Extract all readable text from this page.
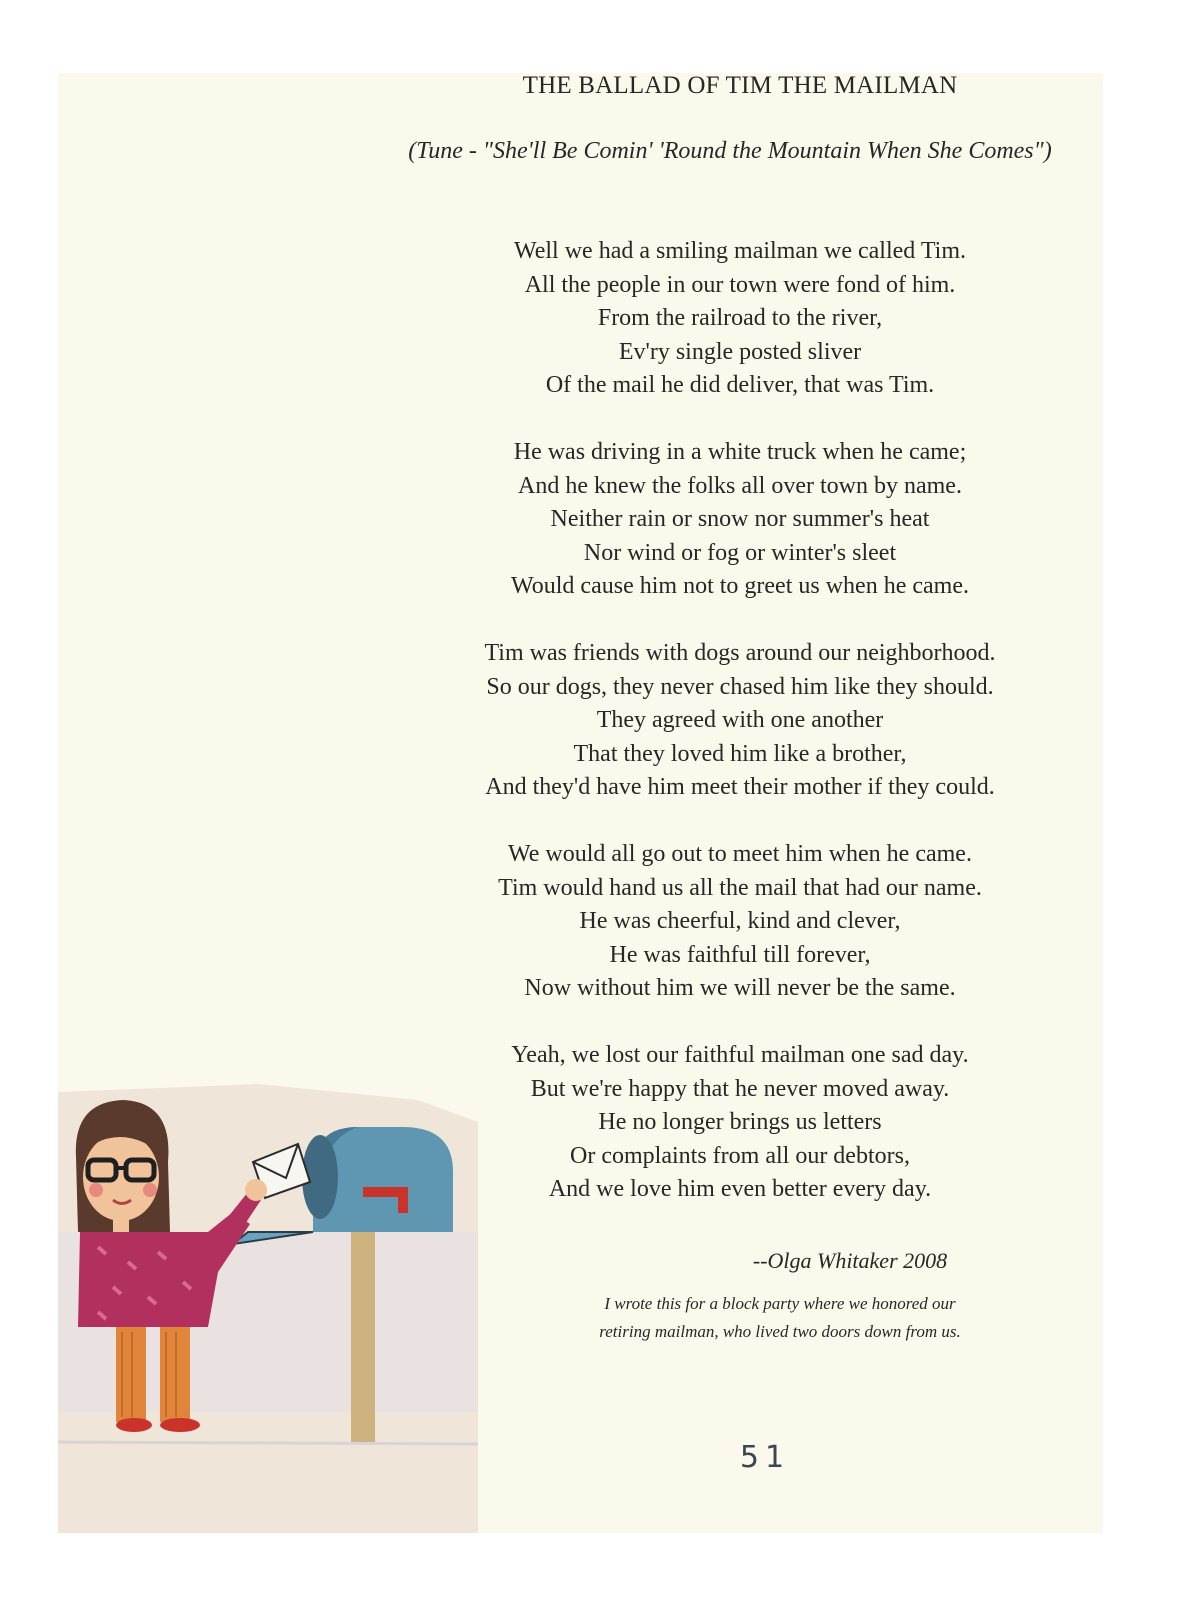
THE BALLAD OF TIM THE MAILMAN
(Tune - "She'll Be Comin' 'Round the Mountain When She Comes")
Well we had a smiling mailman we called Tim.
All the people in our town were fond of him.
From the railroad to the river,
Ev'ry single posted sliver
Of the mail he did deliver, that was Tim.
He was driving in a white truck when he came;
And he knew the folks all over town by name.
Neither rain or snow nor summer's heat
Nor wind or fog or winter's sleet
Would cause him not to greet us when he came.
Tim was friends with dogs around our neighborhood.
So our dogs, they never chased him like they should.
They agreed with one another
That they loved him like a brother,
And they'd have him meet their mother if they could.
We would all go out to meet him when he came.
Tim would hand us all the mail that had our name.
He was cheerful, kind and clever,
He was faithful till forever,
Now without him we will never be the same.
Yeah, we lost our faithful mailman one sad day.
But we're happy that he never moved away.
He no longer brings us letters
Or complaints from all our debtors,
And we love him even better every day.
--Olga Whitaker 2008
I wrote this for a block party where we honored our
retiring mailman, who lived two doors down from us.
51
